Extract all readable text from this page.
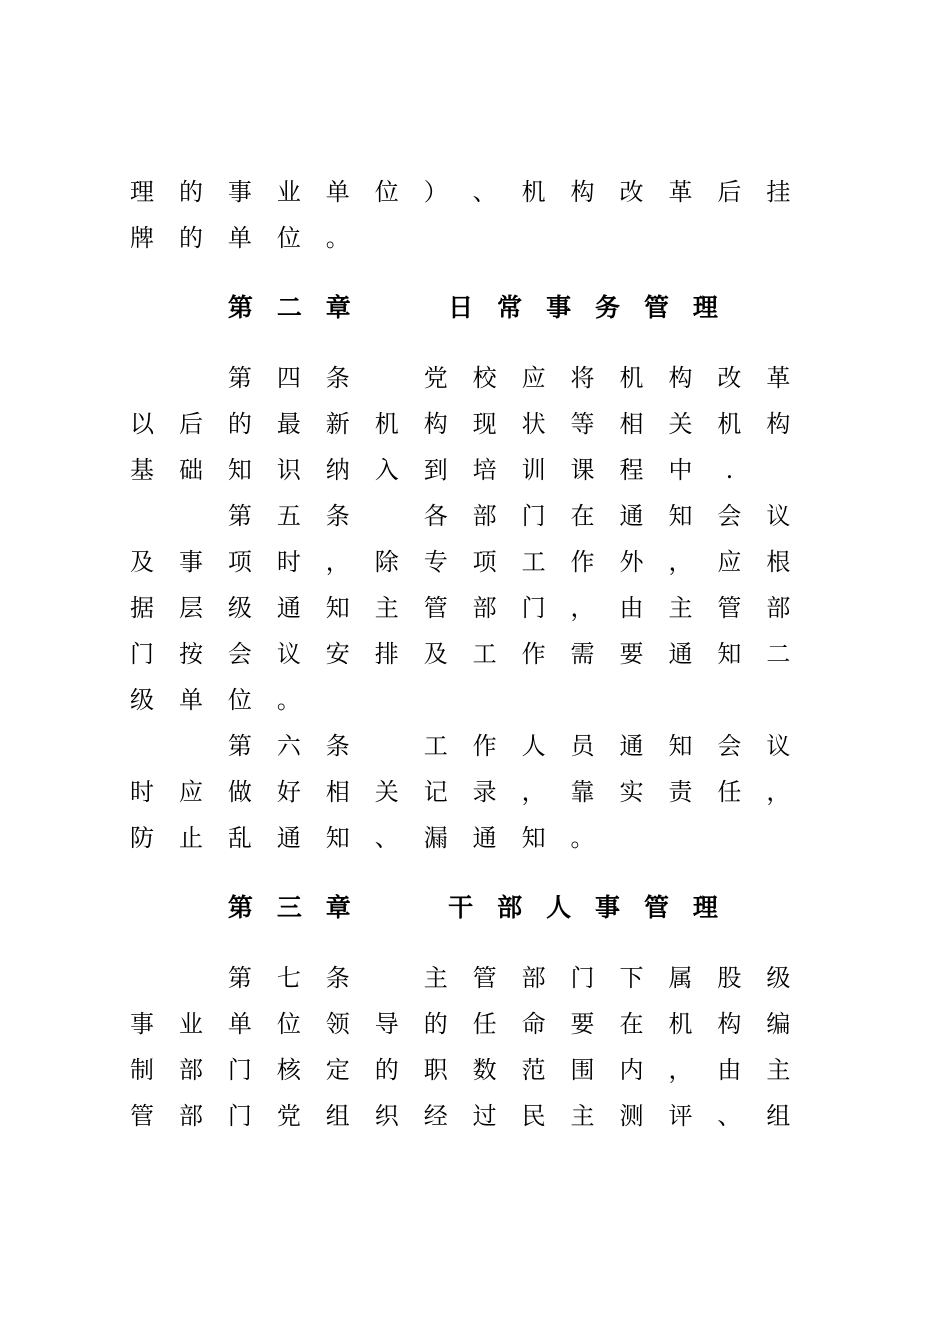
理 的 事 业 单 位 ） 、 机 构 改 革 后 挂
牌 的 单 位 。
第 二 章	日 常 事 务 管 理
第 四 条	党 校 应 将 机 构 改 革
以 后 的 最 新 机 构 现 状 等 相 关 机 构
基 础 知 识 纳 入 到 培 训 课 程 中	.
第 五 条	各 部 门 在 通 知 会 议
及 事 项 时 ， 除 专 项 工 作 外 ， 应 根
据 层 级 通 知 主 管 部 门 ， 由 主 管 部
门 按 会 议 安 排 及 工 作 需 要 通 知 二
级 单 位 。
第 六 条	工 作 人 员 通 知 会 议
时 应 做 好 相 关 记 录 ， 靠 实 责 任 ，
防 止 乱 通 知 、 漏 通 知 。
第 三 章	干 部 人 事 管 理
第 七 条	主 管 部 门 下 属 股 级
事 业 单 位 领 导 的 任 命 要 在 机 构 编
制 部 门 核 定 的 职 数 范 围 内 ， 由 主
管 部 门 党 组 织 经 过 民 主 测 评 、 组
